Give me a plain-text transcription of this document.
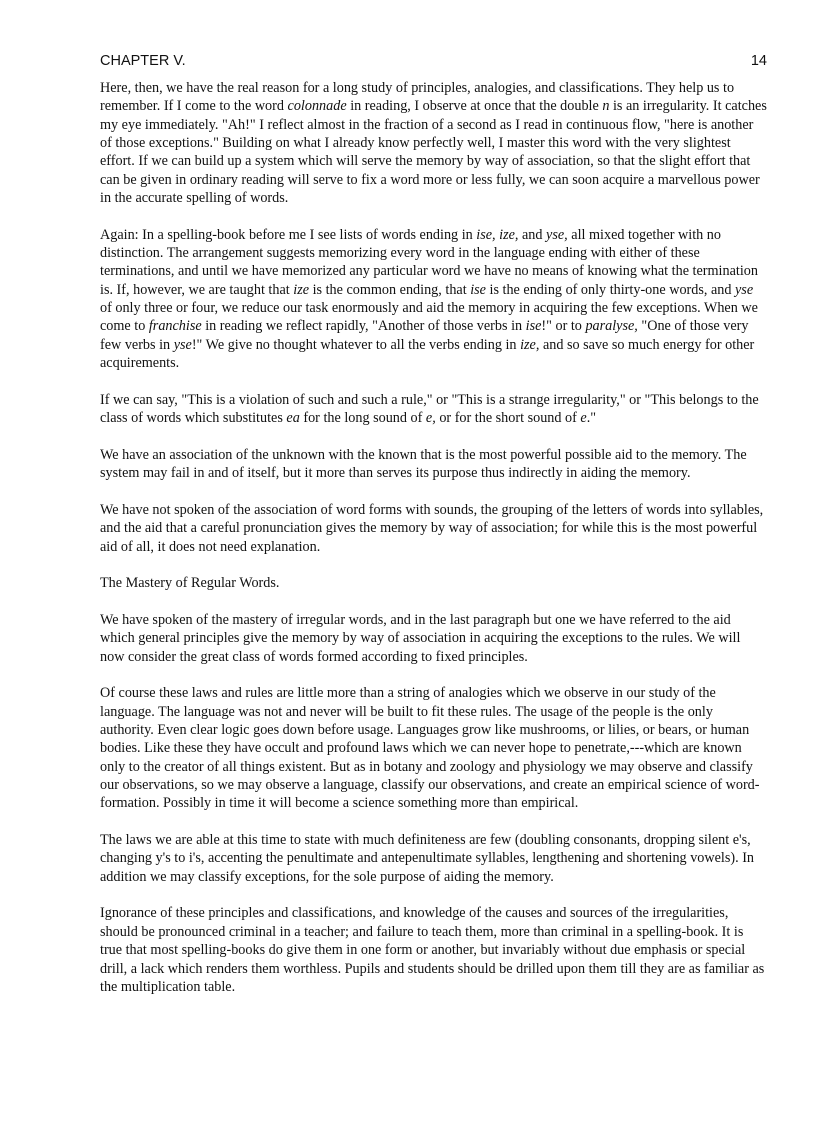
CHAPTER V.	14

Here, then, we have the real reason for a long study of principles, analogies, and classifications. They help us to remember. If I come to the word colonnade in reading, I observe at once that the double n is an irregularity. It catches my eye immediately. "Ah!" I reflect almost in the fraction of a second as I read in continuous flow, "here is another of those exceptions." Building on what I already know perfectly well, I master this word with the very slightest effort. If we can build up a system which will serve the memory by way of association, so that the slight effort that can be given in ordinary reading will serve to fix a word more or less fully, we can soon acquire a marvellous power in the accurate spelling of words.

Again: In a spelling-book before me I see lists of words ending in ise, ize, and yse, all mixed together with no distinction. The arrangement suggests memorizing every word in the language ending with either of these terminations, and until we have memorized any particular word we have no means of knowing what the termination is. If, however, we are taught that ize is the common ending, that ise is the ending of only thirty-one words, and yse of only three or four, we reduce our task enormously and aid the memory in acquiring the few exceptions. When we come to franchise in reading we reflect rapidly, "Another of those verbs in ise!" or to paralyse, "One of those very few verbs in yse!" We give no thought whatever to all the verbs ending in ize, and so save so much energy for other acquirements.

If we can say, "This is a violation of such and such a rule," or "This is a strange irregularity," or "This belongs to the class of words which substitutes ea for the long sound of e, or for the short sound of e."

We have an association of the unknown with the known that is the most powerful possible aid to the memory. The system may fail in and of itself, but it more than serves its purpose thus indirectly in aiding the memory.

We have not spoken of the association of word forms with sounds, the grouping of the letters of words into syllables, and the aid that a careful pronunciation gives the memory by way of association; for while this is the most powerful aid of all, it does not need explanation.

The Mastery of Regular Words.

We have spoken of the mastery of irregular words, and in the last paragraph but one we have referred to the aid which general principles give the memory by way of association in acquiring the exceptions to the rules. We will now consider the great class of words formed according to fixed principles.

Of course these laws and rules are little more than a string of analogies which we observe in our study of the language. The language was not and never will be built to fit these rules. The usage of the people is the only authority. Even clear logic goes down before usage. Languages grow like mushrooms, or lilies, or bears, or human bodies. Like these they have occult and profound laws which we can never hope to penetrate,---which are known only to the creator of all things existent. But as in botany and zoology and physiology we may observe and classify our observations, so we may observe a language, classify our observations, and create an empirical science of word-formation. Possibly in time it will become a science something more than empirical.

The laws we are able at this time to state with much definiteness are few (doubling consonants, dropping silent e's, changing y's to i's, accenting the penultimate and antepenultimate syllables, lengthening and shortening vowels). In addition we may classify exceptions, for the sole purpose of aiding the memory.

Ignorance of these principles and classifications, and knowledge of the causes and sources of the irregularities, should be pronounced criminal in a teacher; and failure to teach them, more than criminal in a spelling-book. It is true that most spelling-books do give them in one form or another, but invariably without due emphasis or special drill, a lack which renders them worthless. Pupils and students should be drilled upon them till they are as familiar as the multiplication table.
